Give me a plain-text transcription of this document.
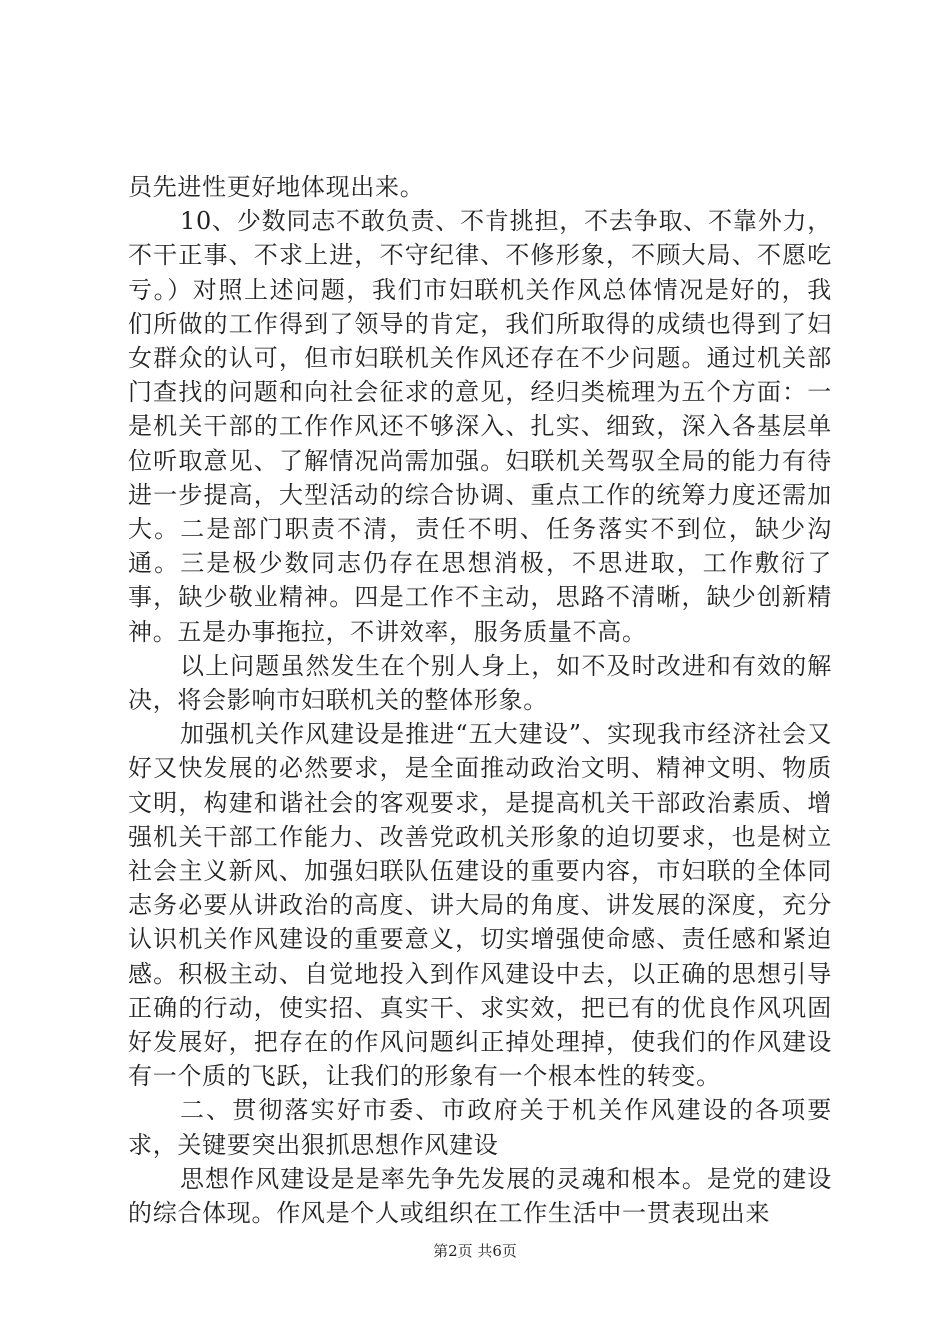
员先进性更好地体现出来。

10、少数同志不敢负责、不肯挑担，不去争取、不靠外力，不干正事、不求上进，不守纪律、不修形象，不顾大局、不愿吃亏。）对照上述问题，我们市妇联机关作风总体情况是好的，我们所做的工作得到了领导的肯定，我们所取得的成绩也得到了妇女群众的认可，但市妇联机关作风还存在不少问题。通过机关部门查找的问题和向社会征求的意见，经归类梳理为五个方面：一是机关干部的工作作风还不够深入、扎实、细致，深入各基层单位听取意见、了解情况尚需加强。妇联机关驾驭全局的能力有待进一步提高，大型活动的综合协调、重点工作的统筹力度还需加大。二是部门职责不清，责任不明、任务落实不到位，缺少沟通。三是极少数同志仍存在思想消极，不思进取，工作敷衍了事，缺少敬业精神。四是工作不主动，思路不清晰，缺少创新精神。五是办事拖拉，不讲效率，服务质量不高。

以上问题虽然发生在个别人身上，如不及时改进和有效的解决，将会影响市妇联机关的整体形象。

加强机关作风建设是推进“五大建设”、实现我市经济社会又好又快发展的必然要求，是全面推动政治文明、精神文明、物质文明，构建和谐社会的客观要求，是提高机关干部政治素质、增强机关干部工作能力、改善党政机关形象的迫切要求，也是树立社会主义新风、加强妇联队伍建设的重要内容，市妇联的全体同志务必要从讲政治的高度、讲大局的角度、讲发展的深度，充分认识机关作风建设的重要意义，切实增强使命感、责任感和紧迫感。积极主动、自觉地投入到作风建设中去，以正确的思想引导正确的行动，使实招、真实干、求实效，把已有的优良作风巩固好发展好，把存在的作风问题纠正掉处理掉，使我们的作风建设有一个质的飞跃，让我们的形象有一个根本性的转变。

二、贯彻落实好市委、市政府关于机关作风建设的各项要求，关键要突出狠抓思想作风建设

思想作风建设是是率先争先发展的灵魂和根本。是党的建设的综合体现。作风是个人或组织在工作生活中一贯表现出来

第2页 共6页
